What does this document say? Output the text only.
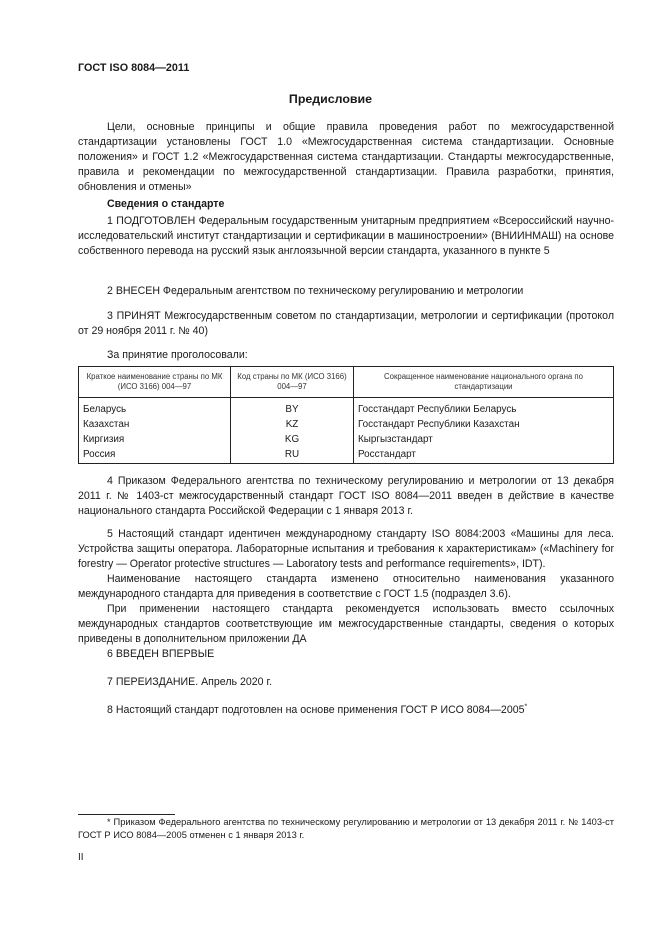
ГОСТ ISO 8084—2011
Предисловие

Цели, основные принципы и общие правила проведения работ по межгосударственной стандартизации установлены ГОСТ 1.0 «Межгосударственная система стандартизации. Основные положения» и ГОСТ 1.2 «Межгосударственная система стандартизации. Стандарты межгосударственные, правила и рекомендации по межгосударственной стандартизации. Правила разработки, принятия, обновления и отмены»

Сведения о стандарте

1 ПОДГОТОВЛЕН Федеральным государственным унитарным предприятием «Всероссийский научно-исследовательский институт стандартизации и сертификации в машиностроении» (ВНИИНМАШ) на основе собственного перевода на русский язык англоязычной версии стандарта, указанного в пункте 5

2 ВНЕСЕН Федеральным агентством по техническому регулированию и метрологии

3 ПРИНЯТ Межгосударственным советом по стандартизации, метрологии и сертификации (протокол от 29 ноября 2011 г. № 40)

За принятие проголосовали:

Краткое наименование страны по МК (ИСО 3166) 004—97	Код страны по МК (ИСО 3166) 004—97	Сокращенное наименование национального органа по стандартизации
Беларусь	BY	Госстандарт Республики Беларусь
Казахстан	KZ	Госстандарт Республики Казахстан
Киргизия	KG	Кыргызстандарт
Россия	RU	Росстандарт

4 Приказом Федерального агентства по техническому регулированию и метрологии от 13 декабря 2011 г. № 1403-ст межгосударственный стандарт ГОСТ ISO 8084—2011 введен в действие в качестве национального стандарта Российской Федерации с 1 января 2013 г.

5 Настоящий стандарт идентичен международному стандарту ISO 8084:2003 «Машины для леса. Устройства защиты оператора. Лабораторные испытания и требования к характеристикам» («Machinery for forestry — Operator protective structures — Laboratory tests and performance requirements», IDT).

Наименование настоящего стандарта изменено относительно наименования указанного международного стандарта для приведения в соответствие с ГОСТ 1.5 (подраздел 3.6).

При применении настоящего стандарта рекомендуется использовать вместо ссылочных международных стандартов соответствующие им межгосударственные стандарты, сведения о которых приведены в дополнительном приложении ДА

6 ВВЕДЕН ВПЕРВЫЕ

7 ПЕРЕИЗДАНИЕ. Апрель 2020 г.

8 Настоящий стандарт подготовлен на основе применения ГОСТ Р ИСО 8084—2005*

* Приказом Федерального агентства по техническому регулированию и метрологии от 13 декабря 2011 г. № 1403-ст ГОСТ Р ИСО 8084—2005 отменен с 1 января 2013 г.

II
